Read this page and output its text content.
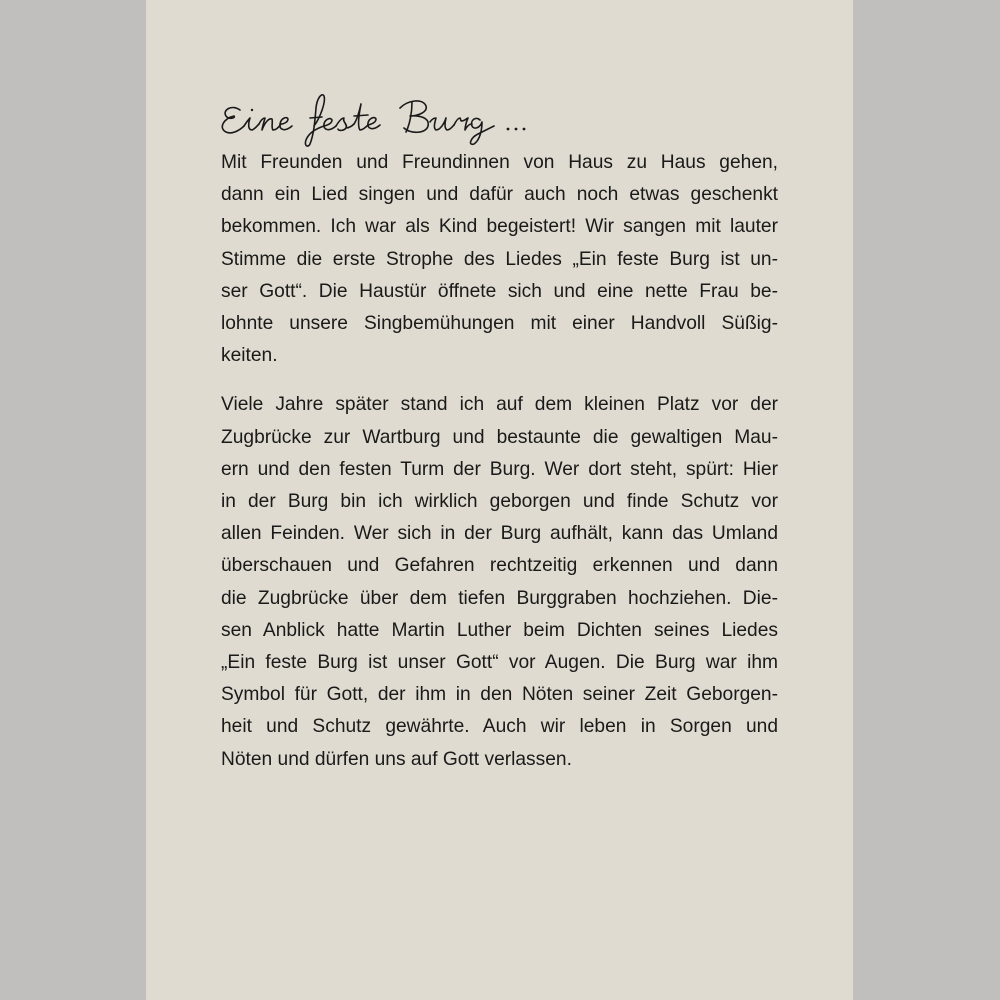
Mit Freunden und Freundinnen von Haus zu Haus gehen,
dann ein Lied singen und dafür auch noch etwas geschenkt
bekommen. Ich war als Kind begeistert! Wir sangen mit lauter
Stimme die erste Strophe des Liedes „Ein feste Burg ist un-
ser Gott“. Die Haustür öffnete sich und eine nette Frau be-
lohnte unsere Singbemühungen mit einer Handvoll Süßig-
keiten.
Viele Jahre später stand ich auf dem kleinen Platz vor der
Zugbrücke zur Wartburg und bestaunte die gewaltigen Mau-
ern und den festen Turm der Burg. Wer dort steht, spürt: Hier
in der Burg bin ich wirklich geborgen und finde Schutz vor
allen Feinden. Wer sich in der Burg aufhält, kann das Umland
überschauen und Gefahren rechtzeitig erkennen und dann
die Zugbrücke über dem tiefen Burggraben hochziehen. Die-
sen Anblick hatte Martin Luther beim Dichten seines Liedes
„Ein feste Burg ist unser Gott“ vor Augen. Die Burg war ihm
Symbol für Gott, der ihm in den Nöten seiner Zeit Geborgen-
heit und Schutz gewährte. Auch wir leben in Sorgen und
Nöten und dürfen uns auf Gott verlassen.
